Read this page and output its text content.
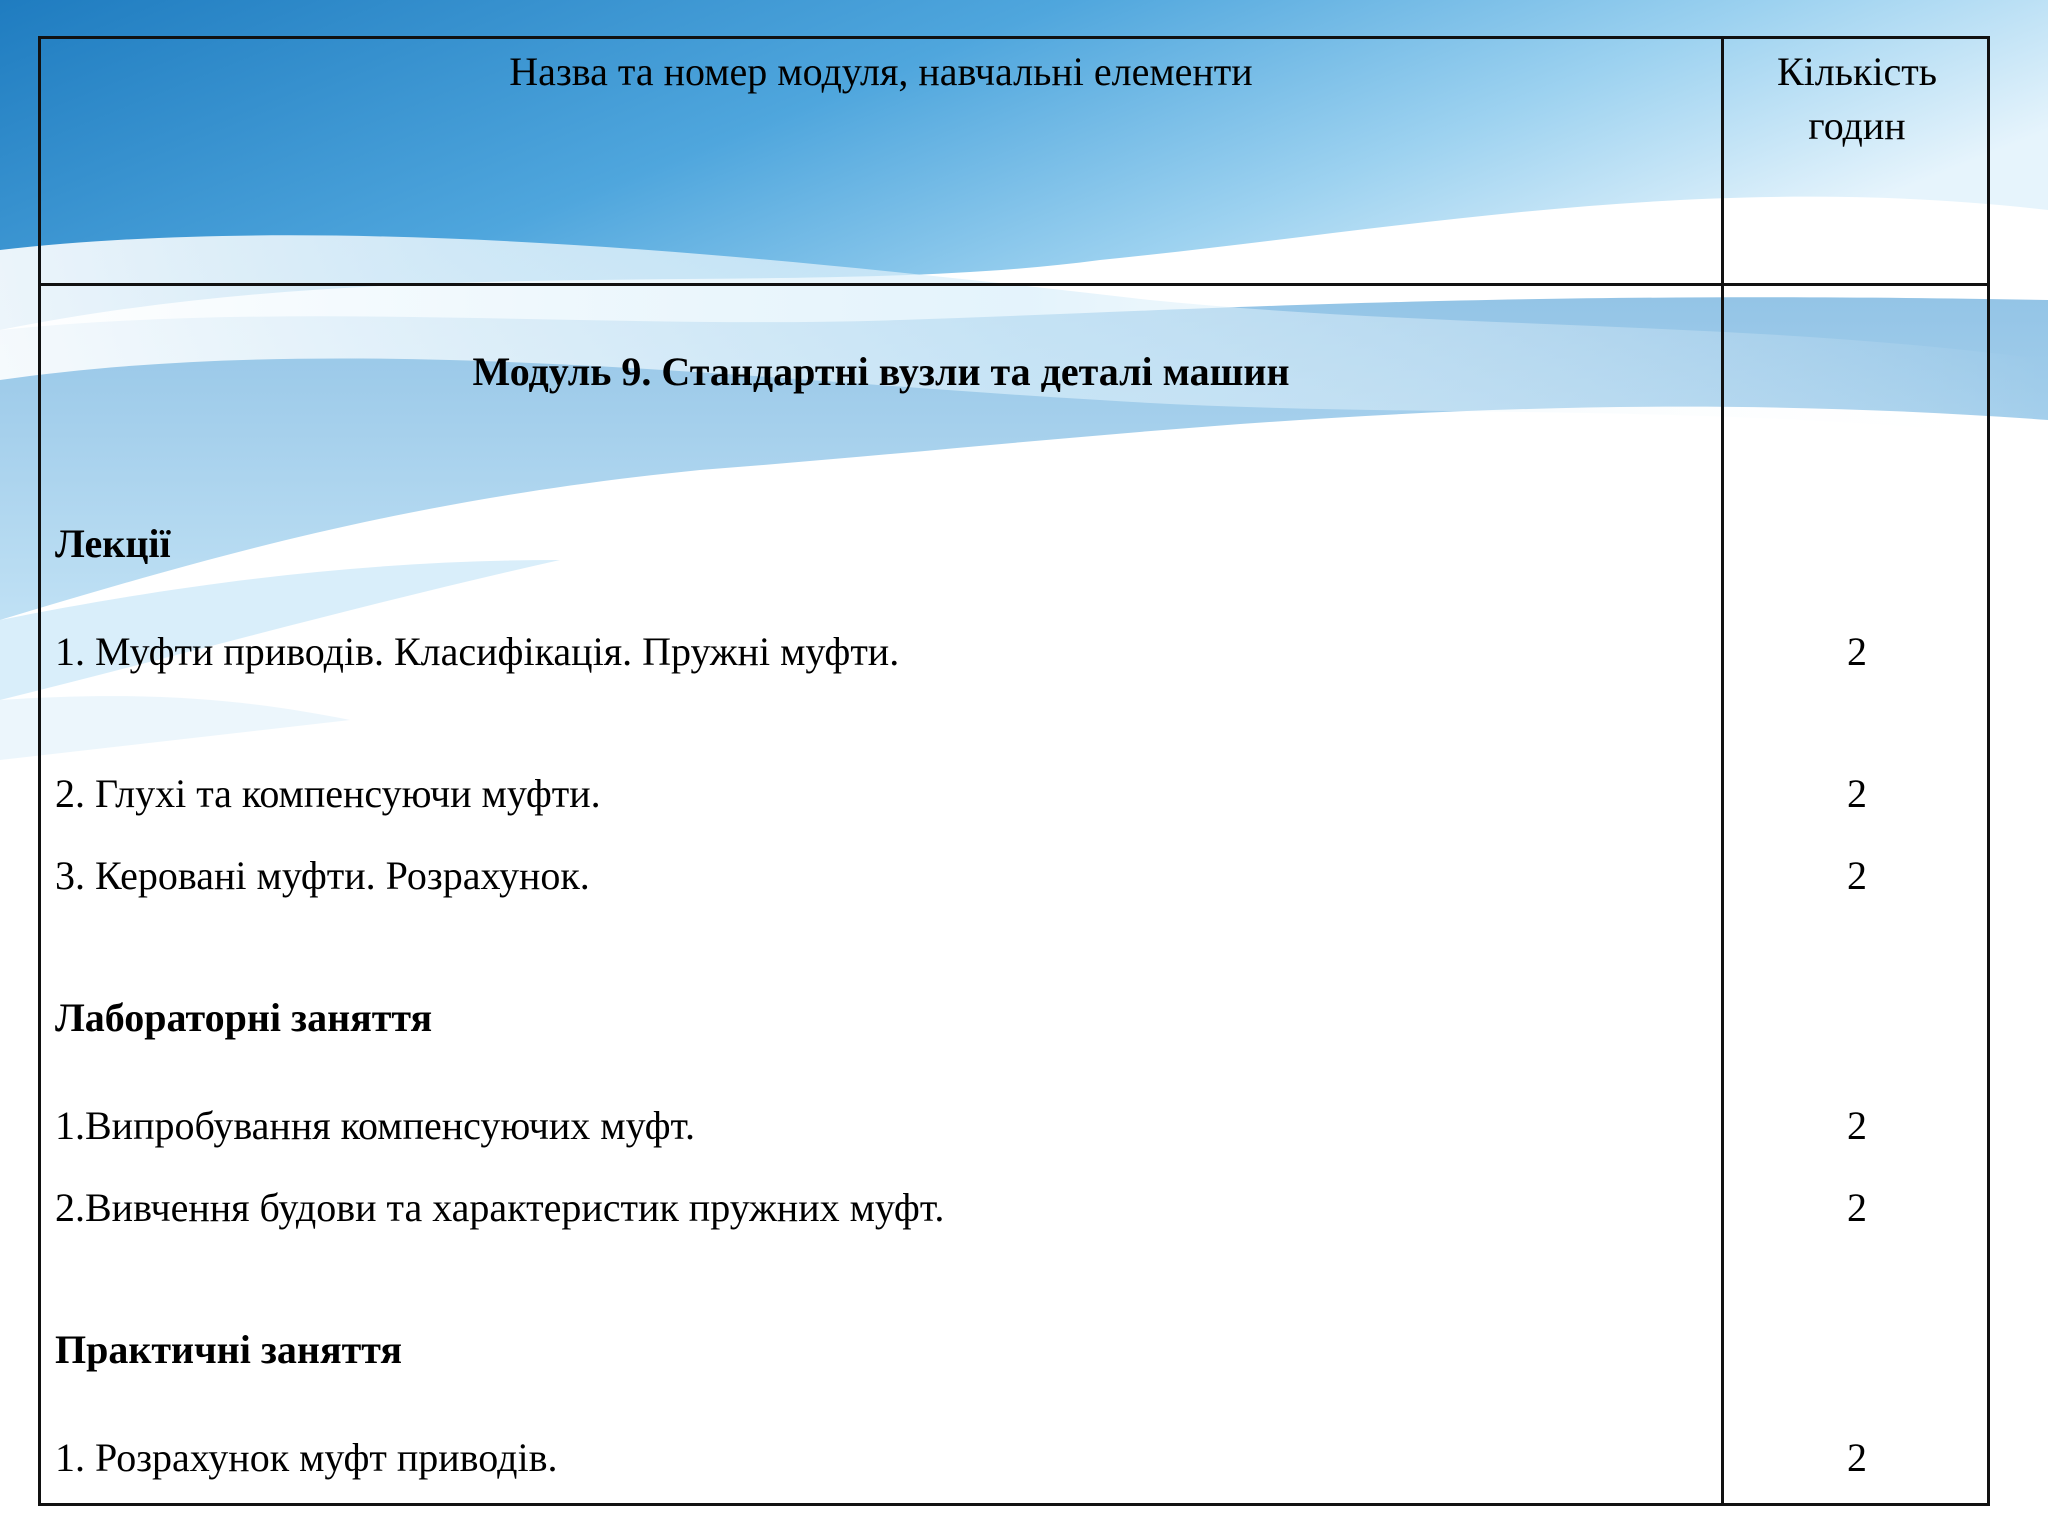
Назва та номер модуля, навчальні елементи	Кількість годин
Модуль 9. Стандартні вузли та деталі машин
Лекції
1. Муфти приводів. Класифікація. Пружні муфти.	2
2. Глухі та компенсуючи муфти.	2
3. Керовані муфти. Розрахунок.	2
Лабораторні заняття
1.Випробування компенсуючих муфт.	2
2.Вивчення будови та характеристик пружних муфт.	2
Практичні заняття
1. Розрахунок муфт приводів.	2
